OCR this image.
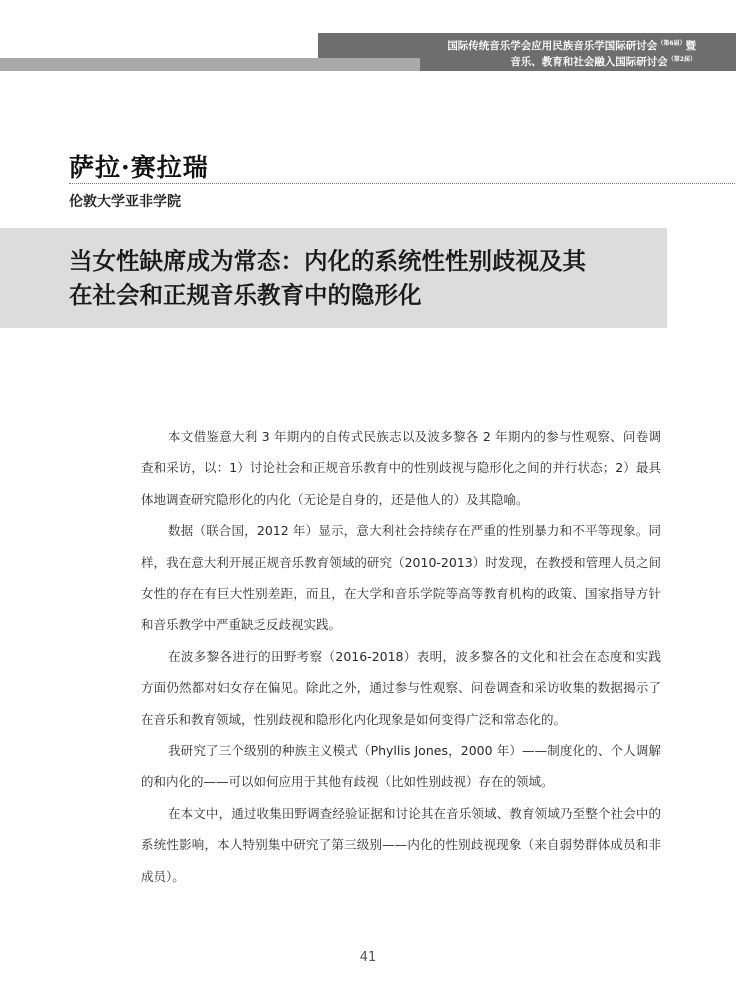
国际传统音乐学会应用民族音乐学国际研讨会$^{(第6届)}$暨
音乐、教育和社会融入国际研讨会$^{(第2届)}$
萨拉·赛拉瑞

伦敦大学亚非学院

当女性缺席成为常态：内化的系统性性别歧视及其
在社会和正规音乐教育中的隐形化

本文借鉴意大利 3 年期内的自传式民族志以及波多黎各 2 年期内的参与性观察、问卷调查和采访，以：1）讨论社会和正规音乐教育中的性别歧视与隐形化之间的并行状态；2）最具体地调查研究隐形化的内化（无论是自身的，还是他人的）及其隐喻。

数据（联合国，2012 年）显示，意大利社会持续存在严重的性别暴力和不平等现象。同样，我在意大利开展正规音乐教育领域的研究（2010-2013）时发现，在教授和管理人员之间女性的存在有巨大性别差距，而且，在大学和音乐学院等高等教育机构的政策、国家指导方针和音乐教学中严重缺乏反歧视实践。

在波多黎各进行的田野考察（2016-2018）表明，波多黎各的文化和社会在态度和实践方面仍然都对妇女存在偏见。除此之外，通过参与性观察、问卷调查和采访收集的数据揭示了在音乐和教育领域，性别歧视和隐形化内化现象是如何变得广泛和常态化的。

我研究了三个级别的种族主义模式（Phyllis Jones，2000 年）——制度化的、个人调解的和内化的——可以如何应用于其他有歧视（比如性别歧视）存在的领域。

在本文中，通过收集田野调查经验证据和讨论其在音乐领域、教育领域乃至整个社会中的系统性影响，本人特别集中研究了第三级别——内化的性别歧视现象（来自弱势群体成员和非成员）。

41
